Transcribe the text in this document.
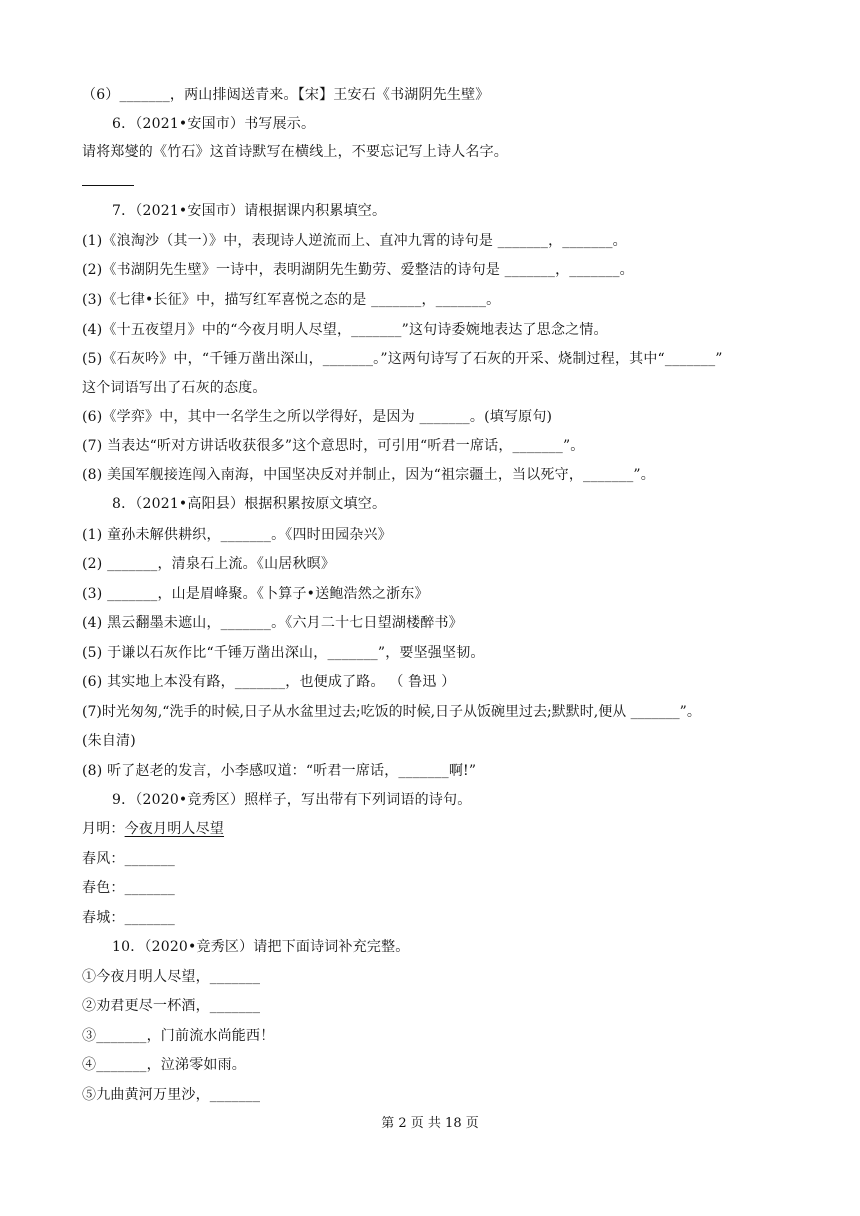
（6）_______，两山排闼送青来。【宋】王安石《书湖阴先生壁》
6．（2021•安国市）书写展示。
请将郑燮的《竹石》这首诗默写在横线上，不要忘记写上诗人名字。
7．（2021•安国市）请根据课内积累填空。
(1)《浪淘沙（其一）》中，表现诗人逆流而上、直冲九霄的诗句是 _______，_______。
(2)《书湖阴先生壁》一诗中，表明湖阴先生勤劳、爱整洁的诗句是 _______，_______。
(3)《七律•长征》中，描写红军喜悦之态的是 _______，_______。
(4)《十五夜望月》中的“今夜月明人尽望，_______”这句诗委婉地表达了思念之情。
(5)《石灰吟》中，“千锤万凿出深山，_______。”这两句诗写了石灰的开采、烧制过程，其中“_______”
这个词语写出了石灰的态度。
(6)《学弈》中，其中一名学生之所以学得好，是因为 _______。(填写原句)
(7) 当表达“听对方讲话收获很多”这个意思时，可引用“听君一席话，_______”。
(8) 美国军舰接连闯入南海，中国坚决反对并制止，因为“祖宗疆土，当以死守，_______”。
8．（2021•高阳县）根据积累按原文填空。
(1) 童孙未解供耕织，_______。《四时田园杂兴》
(2) _______，清泉石上流。《山居秋暝》
(3) _______，山是眉峰聚。《卜算子•送鲍浩然之浙东》
(4) 黑云翻墨未遮山，_______。《六月二十七日望湖楼醉书》
(5) 于谦以石灰作比“千锤万凿出深山，_______”，要坚强坚韧。
(6) 其实地上本没有路，_______，也便成了路。 （ 鲁迅 ）
(7)时光匆匆,“洗手的时候,日子从水盆里过去;吃饭的时候,日子从饭碗里过去;默默时,便从 _______”。
(朱自清)
(8) 听了赵老的发言，小李感叹道：“听君一席话，_______啊!”
9．（2020•竞秀区）照样子，写出带有下列词语的诗句。
月明：今夜月明人尽望
春风：_______
春色：_______
春城：_______
10．（2020•竞秀区）请把下面诗词补充完整。
①今夜月明人尽望，_______
②劝君更尽一杯酒，_______
③_______，门前流水尚能西！
④_______，泣涕零如雨。
⑤九曲黄河万里沙，_______
第 2 页 共 18 页
